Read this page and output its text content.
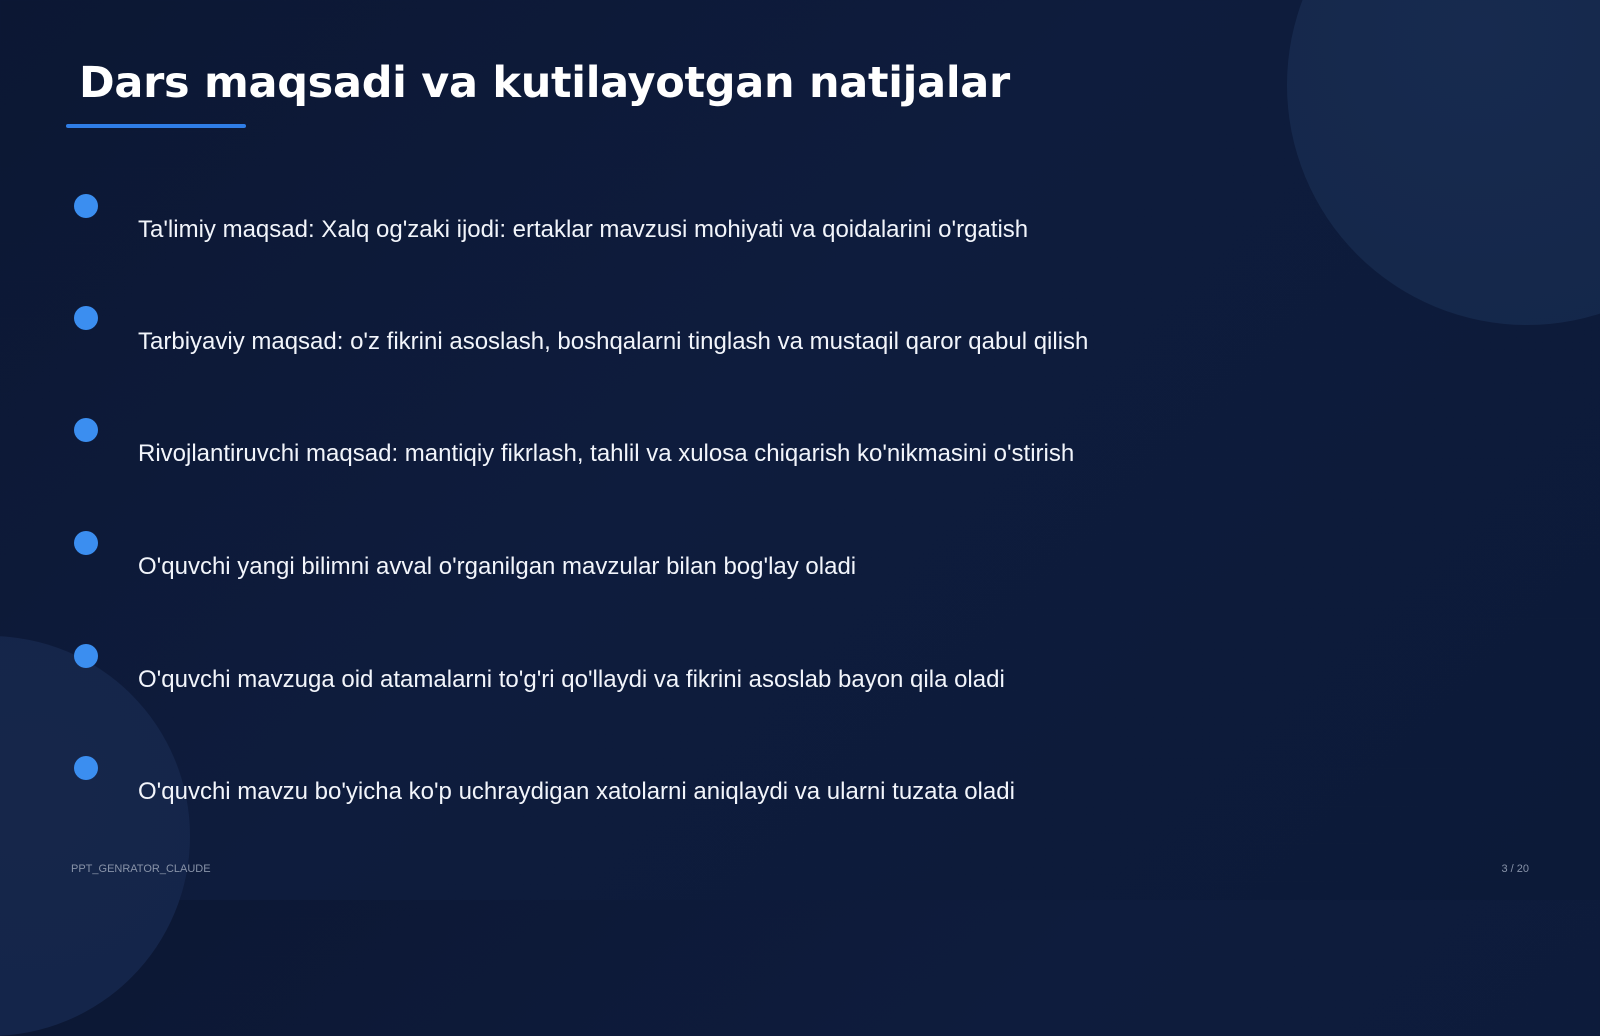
Dars maqsadi va kutilayotgan natijalar
Ta'limiy maqsad: Xalq og'zaki ijodi: ertaklar mavzusi mohiyati va qoidalarini o'rgatish
Tarbiyaviy maqsad: o'z fikrini asoslash, boshqalarni tinglash va mustaqil qaror qabul qilish
Rivojlantiruvchi maqsad: mantiqiy fikrlash, tahlil va xulosa chiqarish ko'nikmasini o'stirish
O'quvchi yangi bilimni avval o'rganilgan mavzular bilan bog'lay oladi
O'quvchi mavzuga oid atamalarni to'g'ri qo'llaydi va fikrini asoslab bayon qila oladi
O'quvchi mavzu bo'yicha ko'p uchraydigan xatolarni aniqlaydi va ularni tuzata oladi
PPT_GENRATOR_CLAUDE	3 / 20
